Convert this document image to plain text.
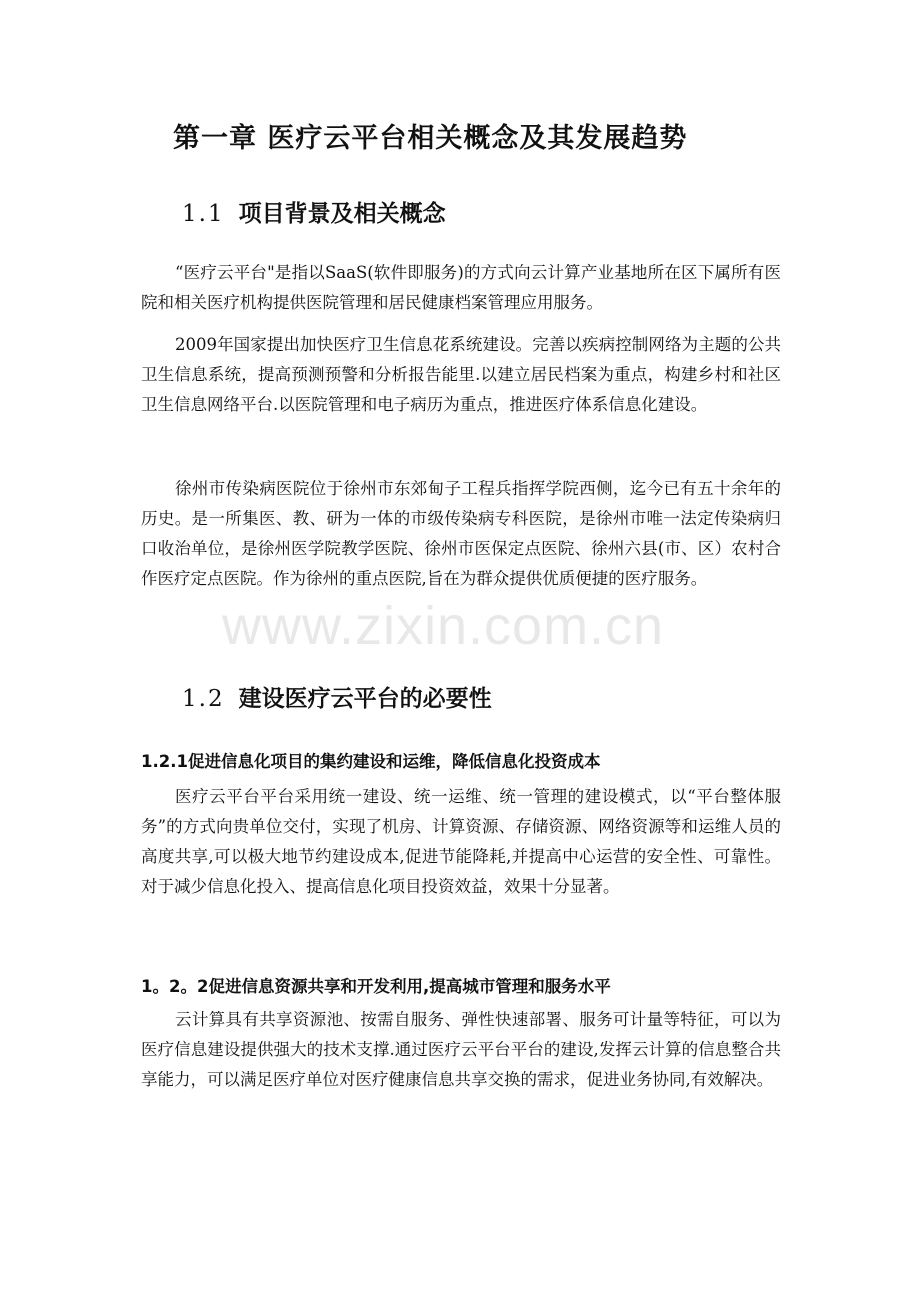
第一章 医疗云平台相关概念及其发展趋势
1.1 项目背景及相关概念

“医疗云平台"是指以SaaS(软件即服务)的方式向云计算产业基地所在区下属所有医院和相关医疗机构提供医院管理和居民健康档案管理应用服务。

2009年国家提出加快医疗卫生信息花系统建设。完善以疾病控制网络为主题的公共卫生信息系统，提高预测预警和分析报告能里.以建立居民档案为重点，构建乡村和社区卫生信息网络平台.以医院管理和电子病历为重点，推进医疗体系信息化建设。

徐州市传染病医院位于徐州市东郊甸子工程兵指挥学院西侧，迄今已有五十余年的历史。是一所集医、教、研为一体的市级传染病专科医院，是徐州市唯一法定传染病归口收治单位，是徐州医学院教学医院、徐州市医保定点医院、徐州六县(市、区）农村合作医疗定点医院。作为徐州的重点医院,旨在为群众提供优质便捷的医疗服务。

1.2 建设医疗云平台的必要性
1.2.1促进信息化项目的集约建设和运维，降低信息化投资成本

医疗云平台平台采用统一建设、统一运维、统一管理的建设模式，以“平台整体服务”的方式向贵单位交付，实现了机房、计算资源、存储资源、网络资源等和运维人员的高度共享,可以极大地节约建设成本,促进节能降耗,并提高中心运营的安全性、可靠性。对于减少信息化投入、提高信息化项目投资效益，效果十分显著。

1。2。2促进信息资源共享和开发利用,提高城市管理和服务水平

云计算具有共享资源池、按需自服务、弹性快速部署、服务可计量等特征，可以为医疗信息建设提供强大的技术支撑.通过医疗云平台平台的建设,发挥云计算的信息整合共享能力，可以满足医疗单位对医疗健康信息共享交换的需求，促进业务协同,有效解决。

www.zixin.com.cn
